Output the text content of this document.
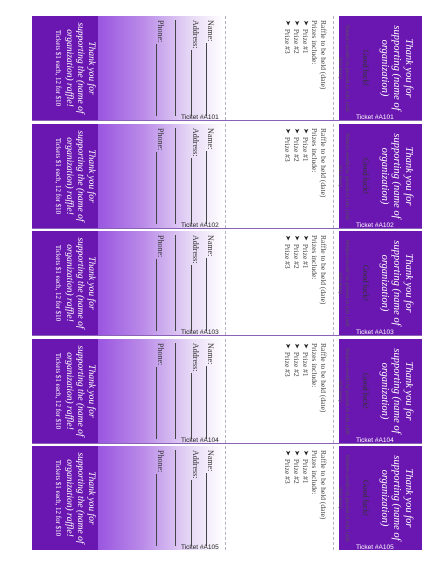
Thank you for supporting the (name of organization) raffle!
Tickets $1 each, 12 for $10	Name:
Address:
Phone:
Ticket #A101
Raffle to be held (date)
Prizes include:
➤
Prize #1
➤
Prize #2
➤
Prize #3	Winners needn't be present to win. (add info here)	Good luck!	Thank you for supporting (name of organization)
Ticket #A101
Thank you for supporting the (name of organization) raffle!
Tickets $1 each, 12 for $10	Name:
Address:
Phone:
Ticket #A102
Raffle to be held (date)
Prizes include:
➤
Prize #1
➤
Prize #2
➤
Prize #3	Winners needn't be present to win. (add info here)	Good luck!	Thank you for supporting (name of organization)
Ticket #A102
Thank you for supporting the (name of organization) raffle!
Tickets $1 each, 12 for $10	Name:
Address:
Phone:
Ticket #A103
Raffle to be held (date)
Prizes include:
➤
Prize #1
➤
Prize #2
➤
Prize #3	Winners needn't be present to win. (add info here)	Good luck!	Thank you for supporting (name of organization)
Ticket #A103
Thank you for supporting the (name of organization) raffle!
Tickets $1 each, 12 for $10	Name:
Address:
Phone:
Ticket #A104
Raffle to be held (date)
Prizes include:
➤
Prize #1
➤
Prize #2
➤
Prize #3	Winners needn't be present to win. (add info here)	Good luck!	Thank you for supporting (name of organization)
Ticket #A104
Thank you for supporting the (name of organization) raffle!
Tickets $1 each, 12 for $10	Name:
Address:
Phone:
Ticket #A105
Raffle to be held (date)
Prizes include:
➤
Prize #1
➤
Prize #2
➤
Prize #3	Winners needn't be present to win. (add info here)	Good luck!	Thank you for supporting (name of organization)
Ticket #A105
